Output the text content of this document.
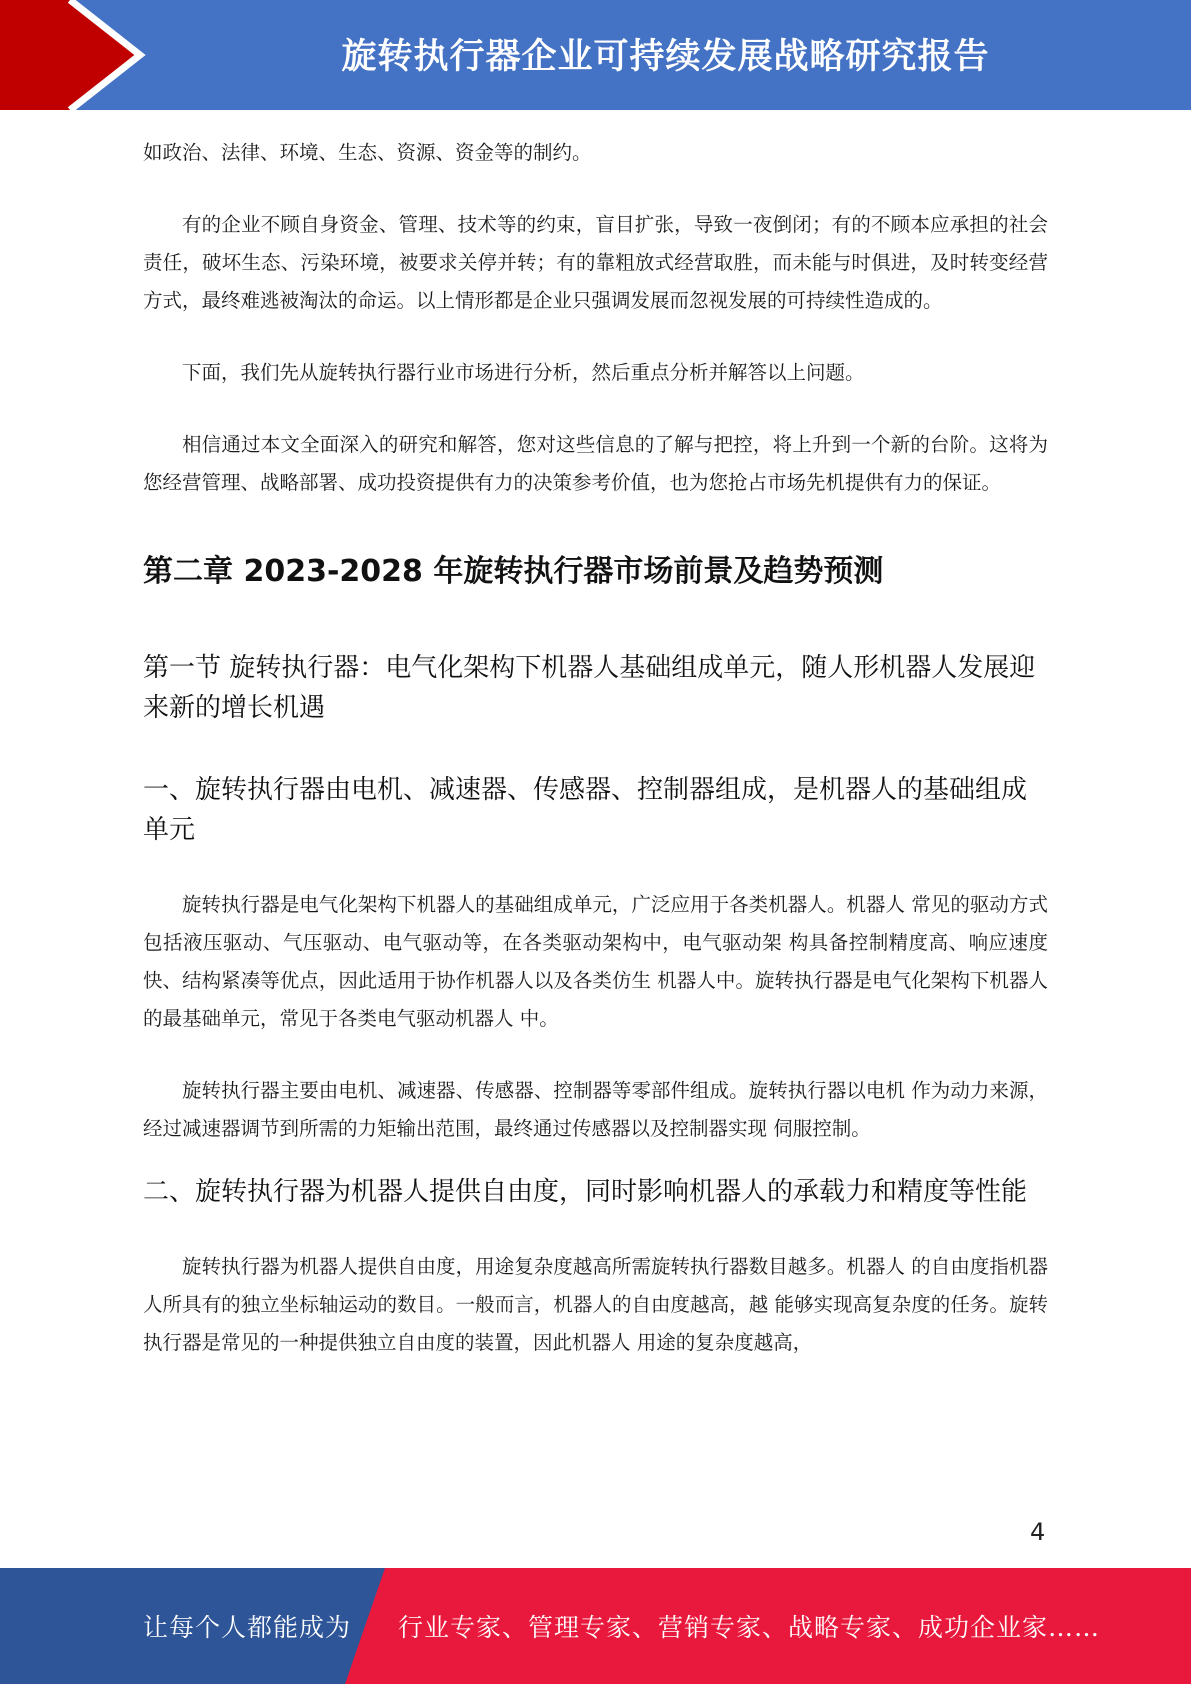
旋转执行器企业可持续发展战略研究报告

如政治、法律、环境、生态、资源、资金等的制约。

有的企业不顾自身资金、管理、技术等的约束，盲目扩张，导致一夜倒闭；有的不顾本应承担的社会责任，破坏生态、污染环境，被要求关停并转；有的靠粗放式经营取胜，而未能与时俱进，及时转变经营方式，最终难逃被淘汰的命运。以上情形都是企业只强调发展而忽视发展的可持续性造成的。

下面，我们先从旋转执行器行业市场进行分析，然后重点分析并解答以上问题。

相信通过本文全面深入的研究和解答，您对这些信息的了解与把控，将上升到一个新的台阶。这将为您经营管理、战略部署、成功投资提供有力的决策参考价值，也为您抢占市场先机提供有力的保证。

第二章 2023-2028 年旋转执行器市场前景及趋势预测
第一节 旋转执行器：电气化架构下机器人基础组成单元，随人形机器人发展迎来新的增长机遇
一、旋转执行器由电机、减速器、传感器、控制器组成，是机器人的基础组成 单元

旋转执行器是电气化架构下机器人的基础组成单元，广泛应用于各类机器人。机器人 常见的驱动方式包括液压驱动、气压驱动、电气驱动等，在各类驱动架构中，电气驱动架 构具备控制精度高、响应速度快、结构紧凑等优点，因此适用于协作机器人以及各类仿生 机器人中。旋转执行器是电气化架构下机器人的最基础单元，常见于各类电气驱动机器人 中。

旋转执行器主要由电机、减速器、传感器、控制器等零部件组成。旋转执行器以电机 作为动力来源，经过减速器调节到所需的力矩输出范围，最终通过传感器以及控制器实现 伺服控制。

二、旋转执行器为机器人提供自由度，同时影响机器人的承载力和精度等性能

旋转执行器为机器人提供自由度，用途复杂度越高所需旋转执行器数目越多。机器人 的自由度指机器人所具有的独立坐标轴运动的数目。一般而言，机器人的自由度越高，越 能够实现高复杂度的任务。旋转执行器是常见的一种提供独立自由度的装置，因此机器人 用途的复杂度越高，

4
让每个人都能成为 行业专家、管理专家、营销专家、战略专家、成功企业家……
